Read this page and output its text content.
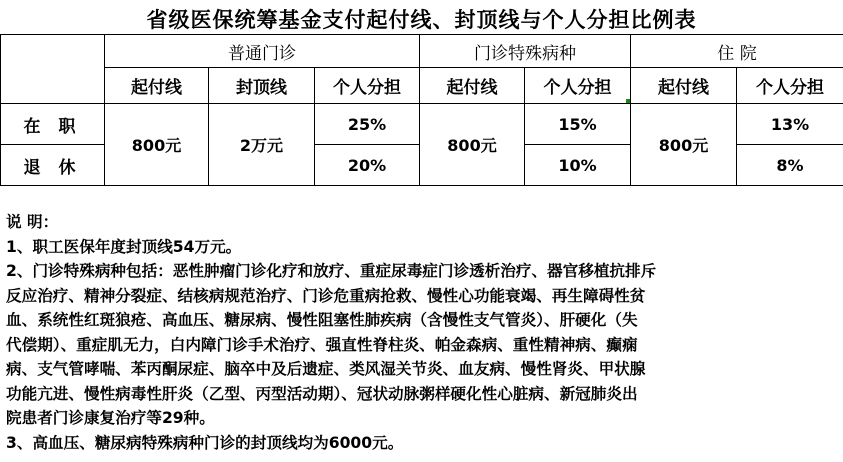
省级医保统筹基金支付起付线、封顶线与个人分担比例表
	普通门诊			门诊特殊病种		住 院	
	起付线	封顶线	个人分担	起付线	个人分担	起付线	个人分担
在 职	800元	2万元	25%	800元	15%	800元	13%
退 休			20%		10%		8%

说 明：

1、职工医保年度封顶线54万元。

2、门诊特殊病种包括：恶性肿瘤门诊化疗和放疗、重症尿毒症门诊透析治疗、器官移植抗排斥

反应治疗、精神分裂症、结核病规范治疗、门诊危重病抢救、慢性心功能衰竭、再生障碍性贫

血、系统性红斑狼疮、高血压、糖尿病、慢性阻塞性肺疾病（含慢性支气管炎）、肝硬化（失

代偿期）、重症肌无力，白内障门诊手术治疗、强直性脊柱炎、帕金森病、重性精神病、癫痫

病、支气管哮喘、苯丙酮尿症、脑卒中及后遗症、类风湿关节炎、血友病、慢性肾炎、甲状腺

功能亢进、慢性病毒性肝炎（乙型、丙型活动期）、冠状动脉粥样硬化性心脏病、新冠肺炎出

院患者门诊康复治疗等29种。

3、高血压、糖尿病特殊病种门诊的封顶线均为6000元。
